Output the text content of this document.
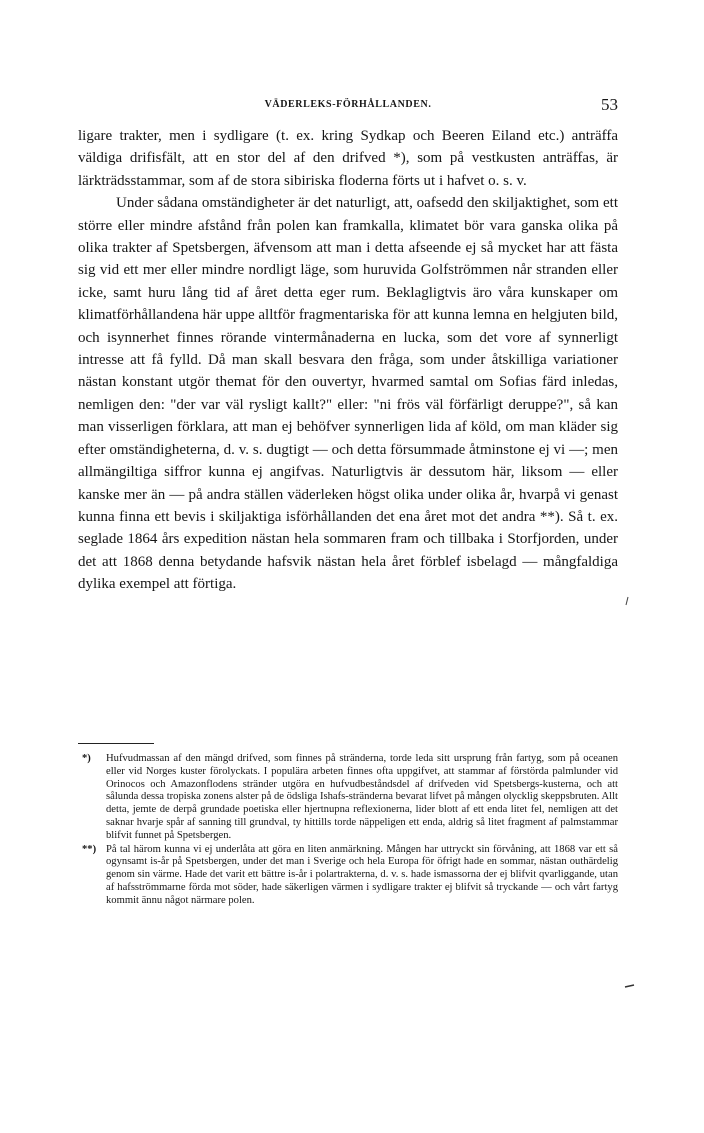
VÄDERLEKS-FÖRHÅLLANDEN.	53

ligare trakter, men i sydligare (t. ex. kring Sydkap och Beeren Eiland etc.) anträffa väldiga drifisfält, att en stor del af den drifved *), som på vestkusten anträffas, är lärkträdsstammar, som af de stora sibiriska floderna förts ut i hafvet o. s. v.

Under sådana omständigheter är det naturligt, att, oafsedd den skiljaktighet, som ett större eller mindre afstånd från polen kan framkalla, klimatet bör vara ganska olika på olika trakter af Spetsbergen, äfvensom att man i detta afseende ej så mycket har att fästa sig vid ett mer eller mindre nordligt läge, som huruvida Golfströmmen når stranden eller icke, samt huru lång tid af året detta eger rum. Beklagligtvis äro våra kunskaper om klimatförhållandena här uppe alltför fragmentariska för att kunna lemna en helgjuten bild, och isynnerhet finnes rörande vintermånaderna en lucka, som det vore af synnerligt intresse att få fylld. Då man skall besvara den fråga, som under åtskilliga variationer nästan konstant utgör themat för den ouvertyr, hvarmed samtal om Sofias färd inledas, nemligen den: "der var väl rysligt kallt?" eller: "ni frös väl förfärligt deruppe?", så kan man visserligen förklara, att man ej behöfver synnerligen lida af köld, om man kläder sig efter omständigheterna, d. v. s. dugtigt — och detta försummade åtminstone ej vi —; men allmängiltiga siffror kunna ej angifvas. Naturligtvis är dessutom här, liksom — eller kanske mer än — på andra ställen väderleken högst olika under olika år, hvarpå vi genast kunna finna ett bevis i skiljaktiga isförhållanden det ena året mot det andra **). Så t. ex. seglade 1864 års expedition nästan hela sommaren fram och tillbaka i Storfjorden, under det att 1868 denna betydande hafsvik nästan hela året förblef isbelagd — mångfaldiga dylika exempel att förtiga.

*) Hufvudmassan af den mängd drifved, som finnes på stränderna, torde leda sitt ursprung från fartyg, som på oceanen eller vid Norges kuster förolyckats. I populära arbeten finnes ofta uppgifvet, att stammar af förstörda palmlunder vid Orinocos och Amazonflodens stränder utgöra en hufvudbeståndsdel af drifveden vid Spetsbergs-kusterna, och att sålunda dessa tropiska zonens alster på de ödsliga Ishafs-stränderna bevarat lifvet på mången olycklig skeppsbruten. Allt detta, jemte de derpå grundade poetiska eller hjertnupna reflexionerna, lider blott af ett enda litet fel, nemligen att det saknar hvarje spår af sanning till grundval, ty hittills torde näppeligen ett enda, aldrig så litet fragment af palmstammar blifvit funnet på Spetsbergen.
**) På tal härom kunna vi ej underlåta att göra en liten anmärkning. Mången har uttryckt sin förvåning, att 1868 var ett så ogynsamt is-år på Spetsbergen, under det man i Sverige och hela Europa för öfrigt hade en sommar, nästan outhärdelig genom sin värme. Hade det varit ett bättre is-år i polartrakterna, d. v. s. hade ismassorna der ej blifvit qvarliggande, utan af hafsströmmarne förda mot söder, hade säkerligen värmen i sydligare trakter ej blifvit så tryckande — och vårt fartyg kommit ännu något närmare polen.
